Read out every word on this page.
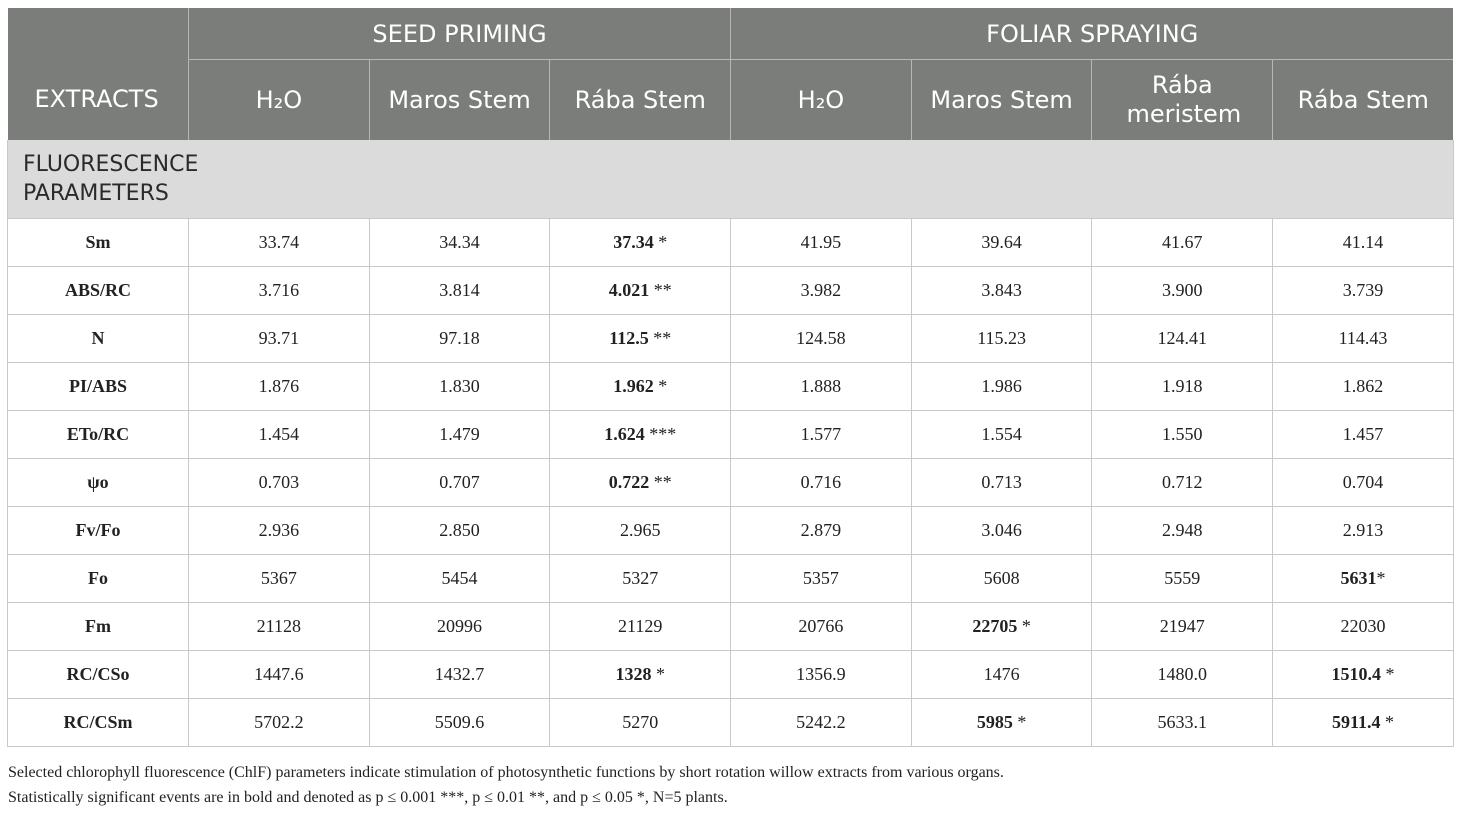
	SEED PRIMING			FOLIAR SPRAYING			
EXTRACTS	H₂O	Maros Stem	Rába Stem	H₂O	Maros Stem	Rába meristem	Rába Stem

FLUORESCENCE PARAMETERS							

Sm	33.74	34.34	37.34 *	41.95	39.64	41.67	41.14
ABS/RC	3.716	3.814	4.021 **	3.982	3.843	3.900	3.739
N	93.71	97.18	112.5 **	124.58	115.23	124.41	114.43
PI/ABS	1.876	1.830	1.962 *	1.888	1.986	1.918	1.862
ETo/RC	1.454	1.479	1.624 ***	1.577	1.554	1.550	1.457
ψo	0.703	0.707	0.722 **	0.716	0.713	0.712	0.704
Fv/Fo	2.936	2.850	2.965	2.879	3.046	2.948	2.913
Fo	5367	5454	5327	5357	5608	5559	5631*
Fm	21128	20996	21129	20766	22705 *	21947	22030
RC/CSo	1447.6	1432.7	1328 *	1356.9	1476	1480.0	1510.4 *
RC/CSm	5702.2	5509.6	5270	5242.2	5985 *	5633.1	5911.4 *

Selected chlorophyll fluorescence (ChlF) parameters indicate stimulation of photosynthetic functions by short rotation willow extracts from various organs.

Statistically significant events are in bold and denoted as p ≤ 0.001 ***, p ≤ 0.01 **, and p ≤ 0.05 *, N=5 plants.
